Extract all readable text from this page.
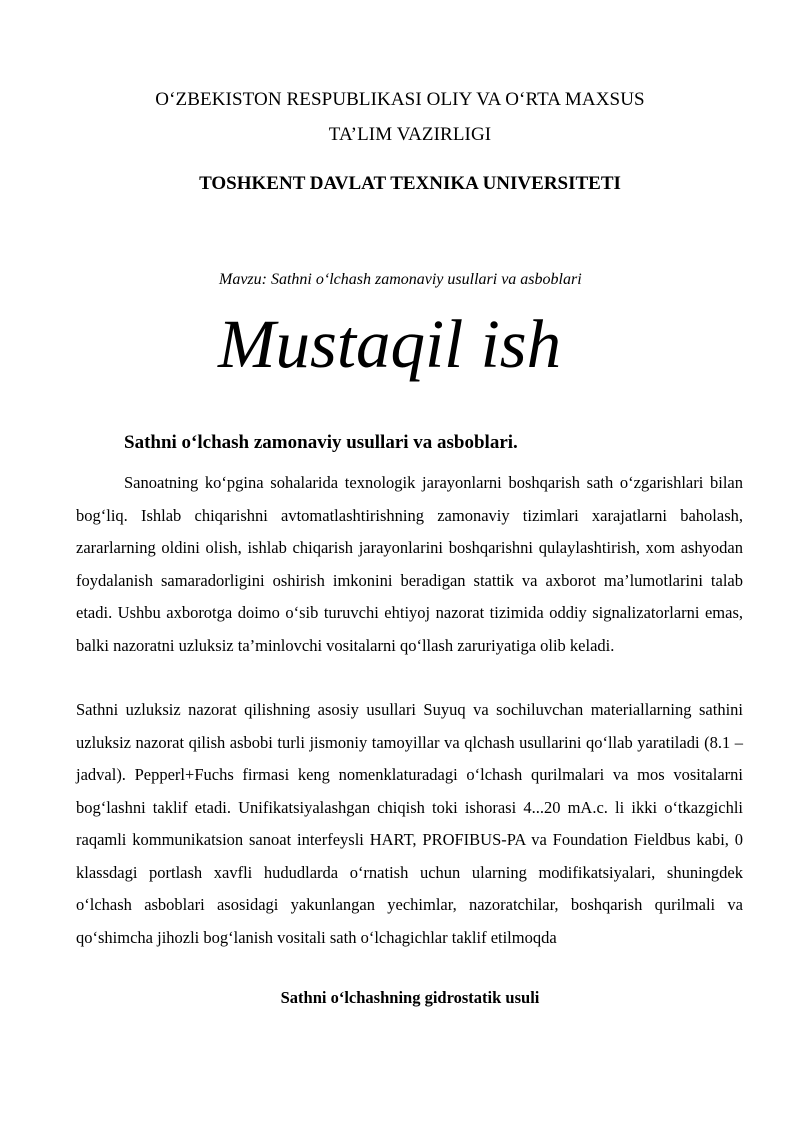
O‘ZBEKISTON RESPUBLIKASI OLIY VA O‘RTA MAXSUS
TA’LIM VAZIRLIGI
TOSHKENT DAVLAT TEXNIKA UNIVERSITETI
Mavzu: Sathni o‘lchash zamonaviy usullari va asboblari
Mustaqil ish
Sathni o‘lchash zamonaviy usullari va asboblari.

Sanoatning ko‘pgina sohalarida texnologik jarayonlarni boshqarish sath o‘zgarishlari bilan bog‘liq. Ishlab chiqarishni avtomatlashtirishning zamonaviy tizimlari xarajatlarni baholash, zararlarning oldini olish, ishlab chiqarish jarayonlarini boshqarishni qulaylashtirish, xom ashyodan foydalanish samaradorligini oshirish imkonini beradigan stattik va axborot ma’lumotlarini talab etadi. Ushbu axborotga doimo o‘sib turuvchi ehtiyoj nazorat tizimida oddiy signalizatorlarni emas, balki nazoratni uzluksiz ta’minlovchi vositalarni qo‘llash zaruriyatiga olib keladi.

Sathni uzluksiz nazorat qilishning asosiy usullari Suyuq va sochiluvchan materiallarning sathini uzluksiz nazorat qilish asbobi turli jismoniy tamoyillar va qlchash usullarini qo‘llab yaratiladi (8.1 – jadval). Pepperl+Fuchs firmasi keng nomenklaturadagi o‘lchash qurilmalari va mos vositalarni bog‘lashni taklif etadi. Unifikatsiyalashgan chiqish toki ishorasi 4...20 mA.c. li ikki o‘tkazgichli raqamli kommunikatsion sanoat interfeysli HART, PROFIBUS-PA va Foundation Fieldbus kabi, 0 klassdagi portlash xavfli hududlarda o‘rnatish uchun ularning modifikatsiyalari, shuningdek o‘lchash asboblari asosidagi yakunlangan yechimlar, nazoratchilar, boshqarish qurilmali va qo‘shimcha jihozli bog‘lanish vositali sath o‘lchagichlar taklif etilmoqda

Sathni o‘lchashning gidrostatik usuli
